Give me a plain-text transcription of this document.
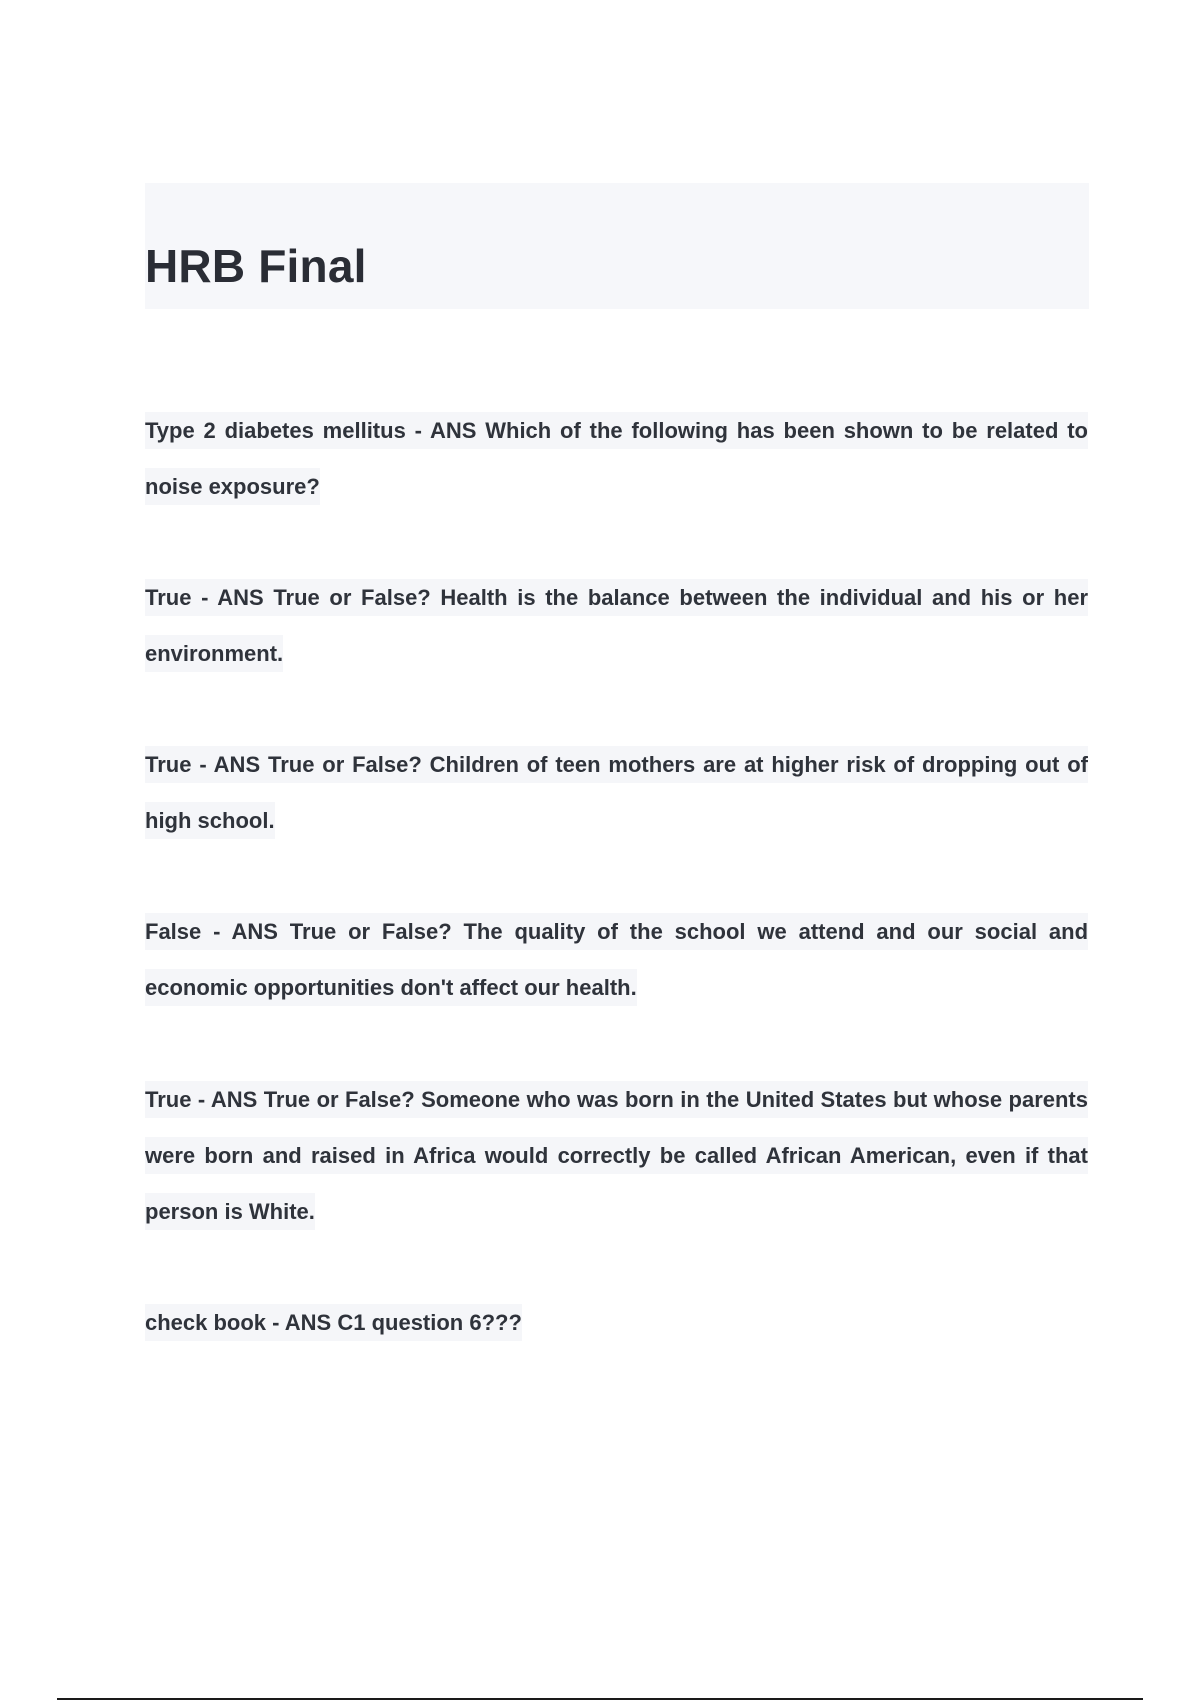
HRB Final

Type 2 diabetes mellitus - ANS Which of the following has been shown to be related to noise exposure?

True - ANS True or False? Health is the balance between the individual and his or her environment.

True - ANS True or False? Children of teen mothers are at higher risk of dropping out of high school.

False - ANS True or False? The quality of the school we attend and our social and economic opportunities don't affect our health.

True - ANS True or False? Someone who was born in the United States but whose parents were born and raised in Africa would correctly be called African American, even if that person is White.

check book - ANS C1 question 6???
